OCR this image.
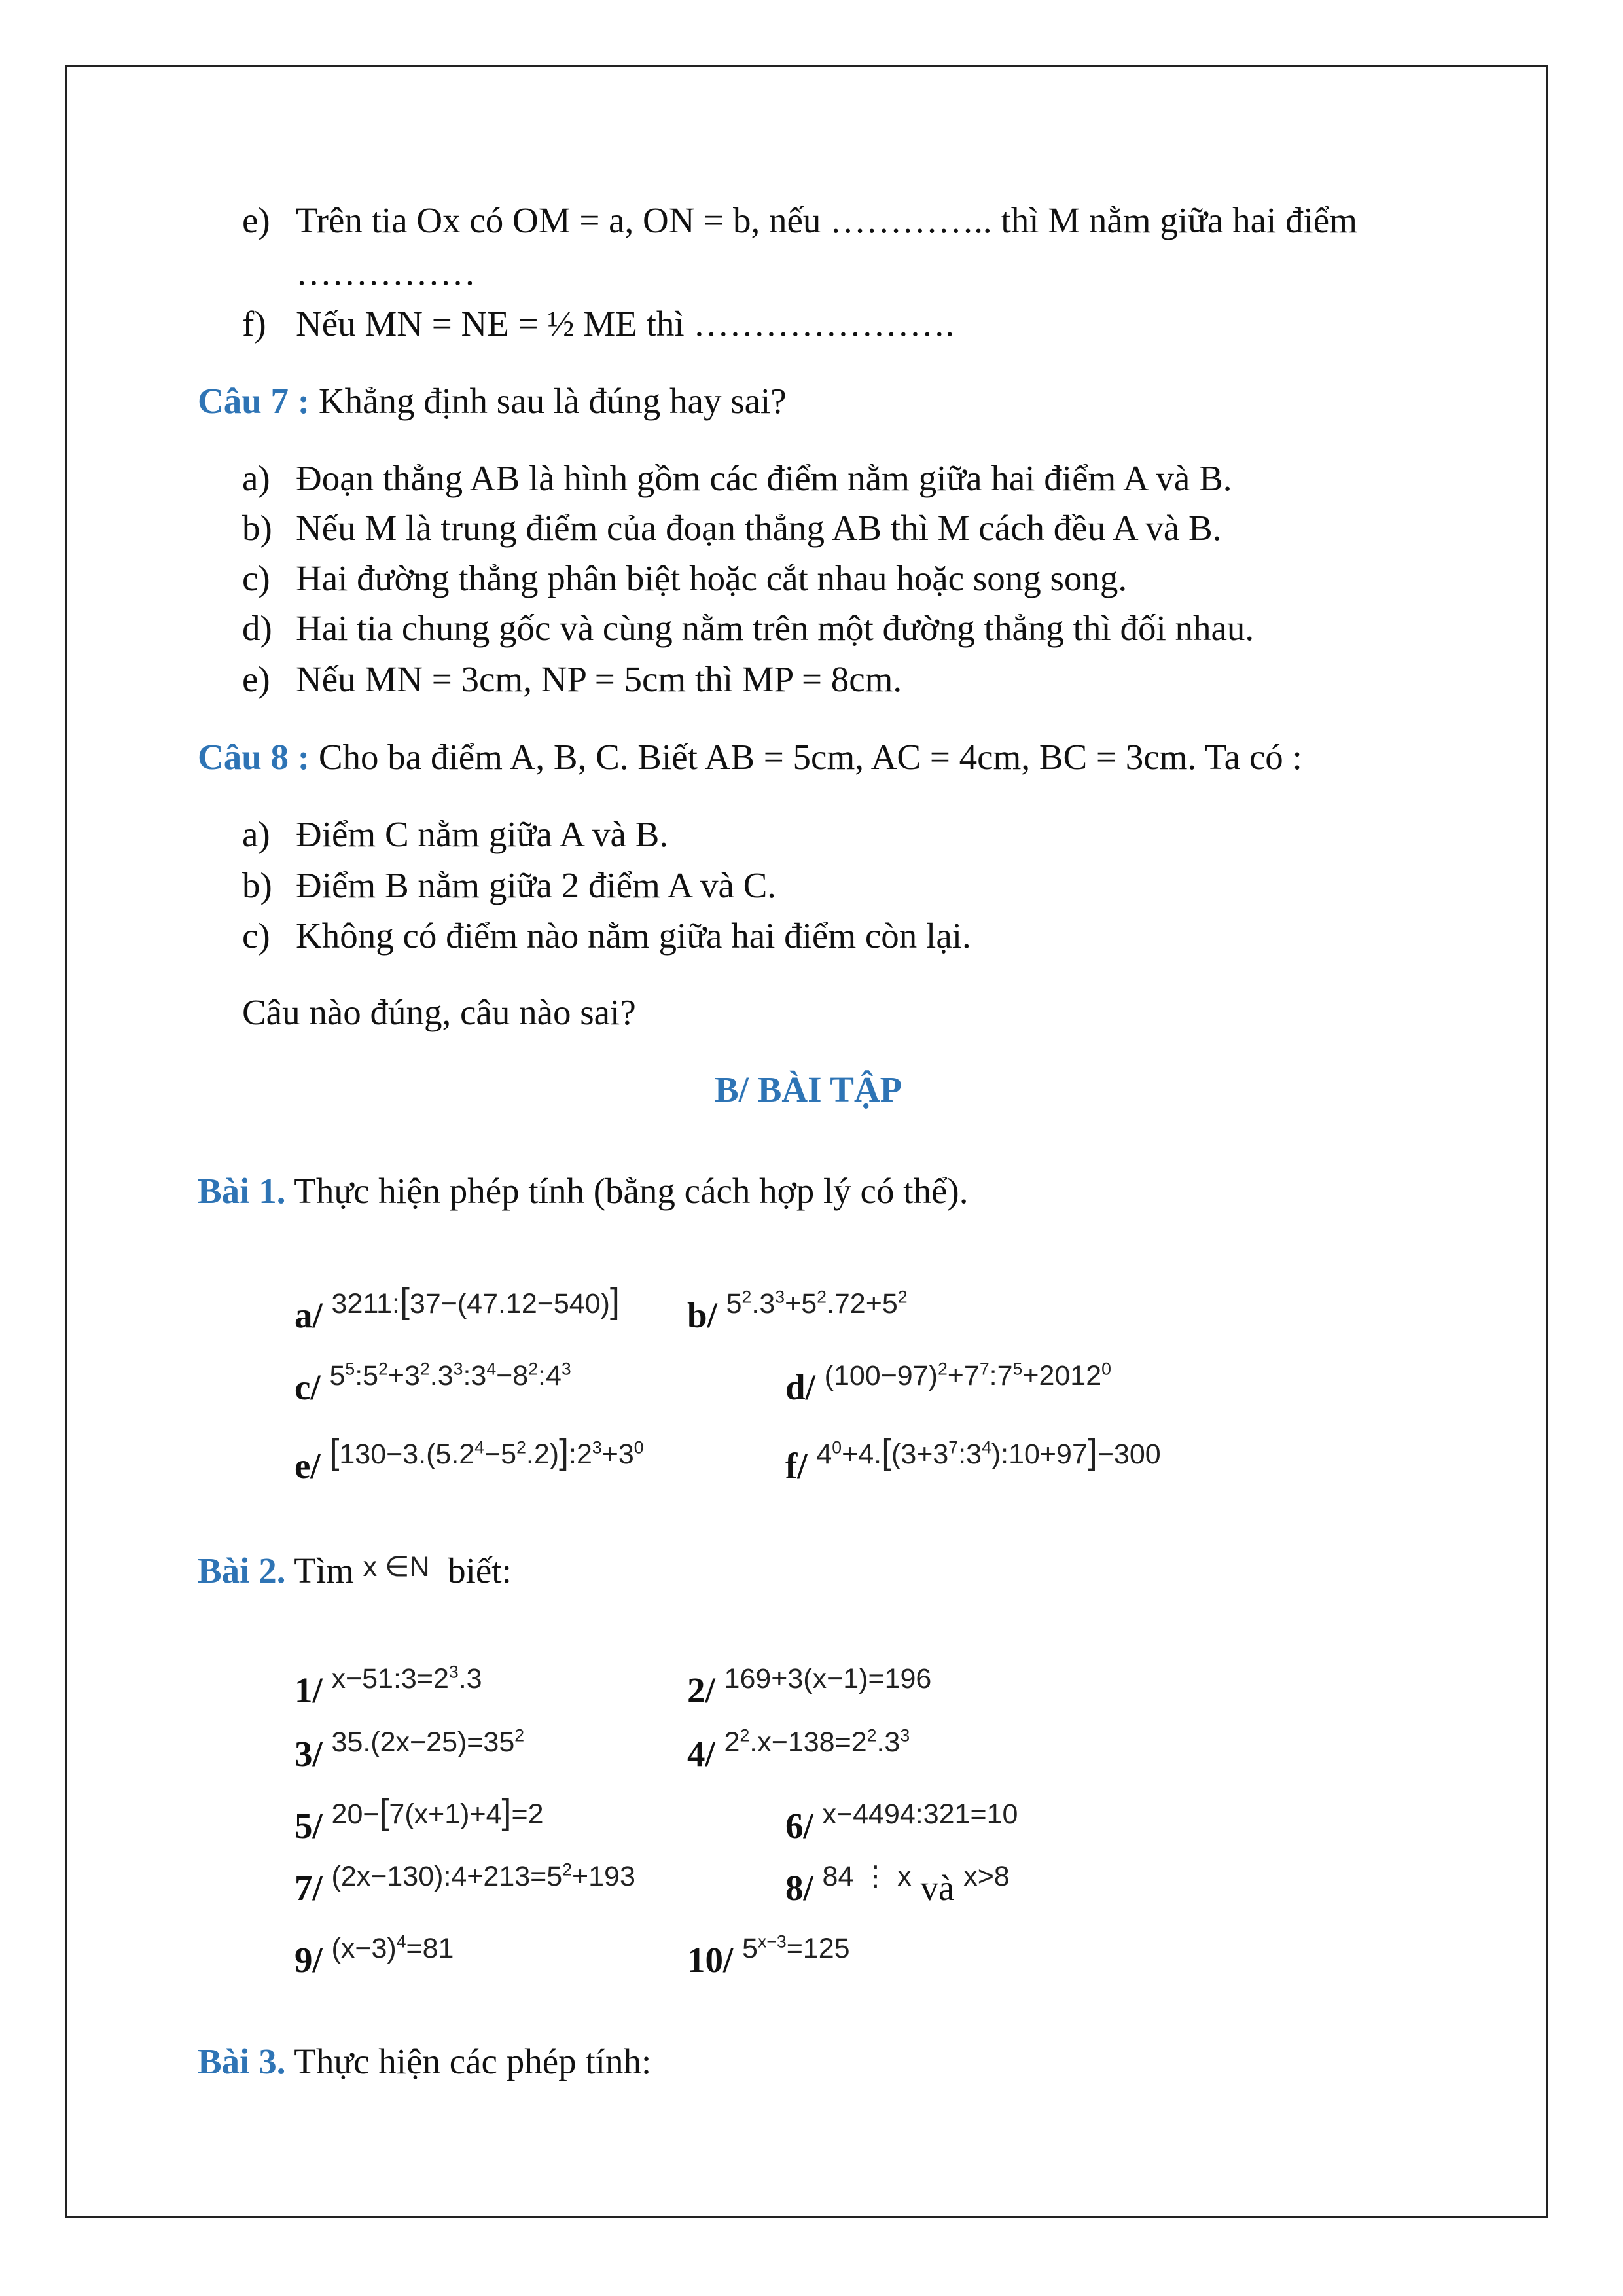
e) Trên tia Ox có OM = a, ON = b, nếu ………….. thì M nằm giữa hai điểm
……………
f) Nếu MN = NE = ½ ME thì ………………….
Câu 7 : Khẳng định sau là đúng hay sai?
a) Đoạn thẳng AB là hình gồm các điểm nằm giữa hai điểm A và B.
b) Nếu M là trung điểm của đoạn thẳng AB thì M cách đều A và B.
c) Hai đường thẳng phân biệt hoặc cắt nhau hoặc song song.
d) Hai tia chung gốc và cùng nằm trên một đường thẳng thì đối nhau.
e) Nếu MN = 3cm, NP = 5cm thì MP = 8cm.
Câu 8 : Cho ba điểm A, B, C. Biết AB = 5cm, AC = 4cm, BC = 3cm. Ta có :
a) Điểm C nằm giữa A và B.
b) Điểm B nằm giữa 2 điểm A và C.
c) Không có điểm nào nằm giữa hai điểm còn lại.
Câu nào đúng, câu nào sai?
B/ BÀI TẬP
Bài 1. Thực hiện phép tính (bằng cách hợp lý có thể).
a/ $^{3211:[37-(47.12-540)]}$ b/ $^{5^2.3^3+5^2.72+5^2}$
c/ $^{5^5:5^2+3^2.3^3:3^4-8^2:4^3}$	d/ $^{(100-97)^2+7^7:7^5+2012^0}$
e/ $^{[130-3.(5.2^4-5^2.2)]:2^3+3^0}$	f/ $^{4^0+4.[(3+3^7:3^4):10+97]-300}$
Bài 2. Tìm x ∈N biết:
1/ $^{x-51:3=2^3.3}$	2/ $^{169+3(x-1)=196}$
3/ $^{35.(2x-25)=35^2}$	4/ $^{2^2.x-138=2^2.3^3}$
5/ $^{20-[7(x+1)+4]=2}$	6/ $^{x-4494:321=10}$
7/ $^{(2x-130):4+213=5^2+193}$	8/ $^{84 ⋮ x}$ và $^{x>8}$
9/ $^{(x-3)^4=81}$	10/ $^{5^{x-3}=125}$
Bài 3. Thực hiện các phép tính:
